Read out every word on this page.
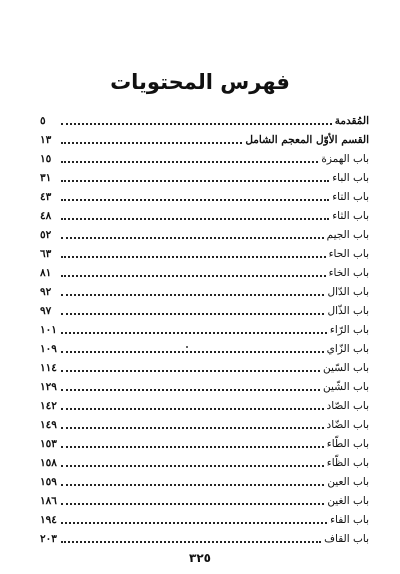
فهرس المحتويات
المُقدمة
٥
القسم الأوّل المعجم الشامل
١٣
باب الهمزة
١٥
باب الباء
٣١
باب التاء
٤٣
باب الثاء
٤٨
باب الجيم
٥٢
باب الحاء
٦٣
باب الخاء
٨١
باب الدّال
٩٢
باب الذّال
٩٧
باب الرّاء
١٠١
باب الزّاي
١٠٩
باب السّين
١١٤
باب الشّين
١٢٩
باب الصّاد
١٤٢
باب الضّاد
١٤٩
باب الطّاء
١٥٣
باب الظّاء
١٥٨
باب العين
١٥٩
باب الغين
١٨٦
باب الفاء
١٩٤
باب القاف
٢٠٣
٣٢٥
